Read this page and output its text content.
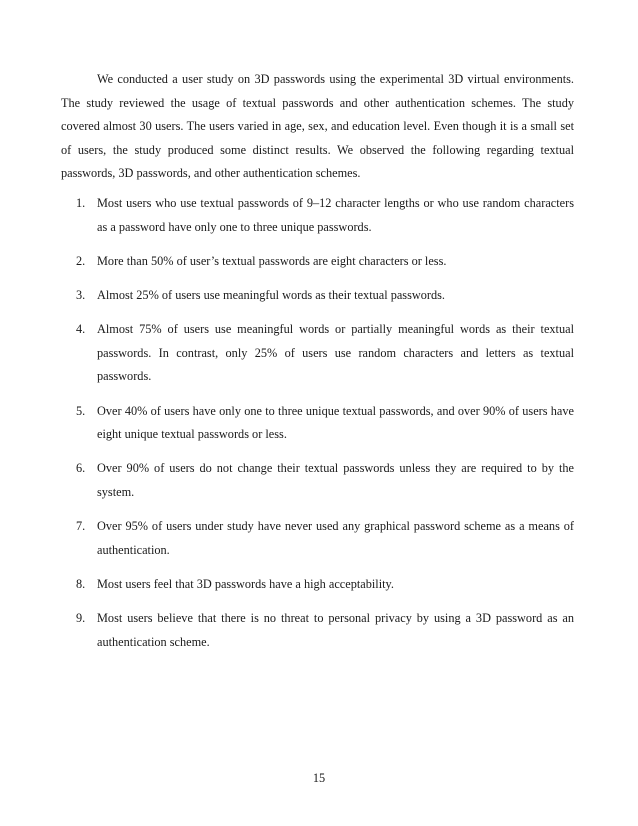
We conducted a user study on 3D passwords using the experimental 3D virtual environments. The study reviewed the usage of textual passwords and other authentication schemes. The study covered almost 30 users. The users varied in age, sex, and education level. Even though it is a small set of users, the study produced some distinct results. We observed the following regarding textual passwords, 3D passwords, and other authentication schemes.

1. Most users who use textual passwords of 9–12 character lengths or who use random characters as a password have only one to three unique passwords.
2. More than 50% of user’s textual passwords are eight characters or less.
3. Almost 25% of users use meaningful words as their textual passwords.
4. Almost 75% of users use meaningful words or partially meaningful words as their textual passwords. In contrast, only 25% of users use random characters and letters as textual passwords.
5. Over 40% of users have only one to three unique textual passwords, and over 90% of users have eight unique textual passwords or less.
6. Over 90% of users do not change their textual passwords unless they are required to by the system.
7. Over 95% of users under study have never used any graphical password scheme as a means of authentication.
8. Most users feel that 3D passwords have a high acceptability.
9. Most users believe that there is no threat to personal privacy by using a 3D password as an authentication scheme.
15
